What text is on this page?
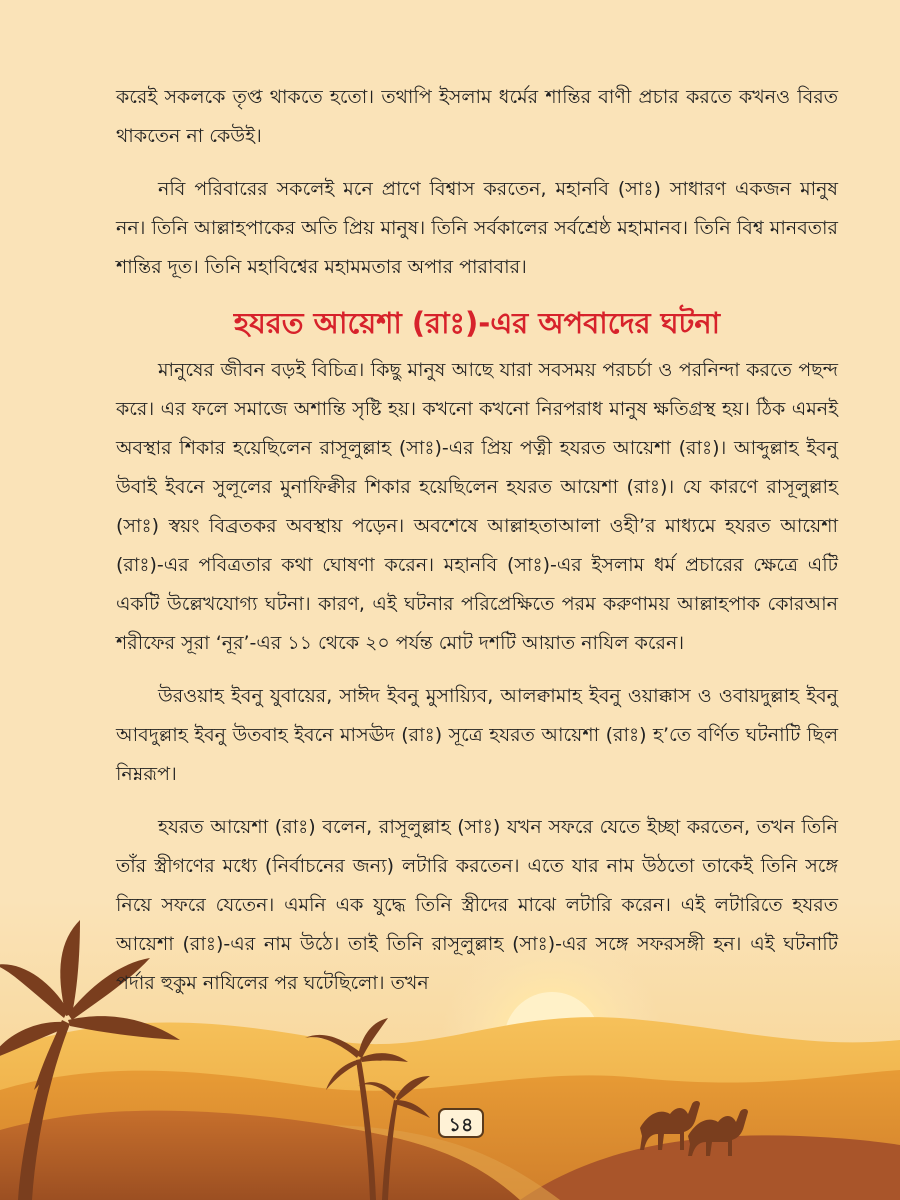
করেই সকলকে তৃপ্ত থাকতে হতো। তথাপি ইসলাম ধর্মের শান্তির বাণী প্রচার করতে কখনও বিরত থাকতেন না কেউই।

নবি পরিবারের সকলেই মনে প্রাণে বিশ্বাস করতেন, মহানবি (সাঃ) সাধারণ একজন মানুষ নন। তিনি আল্লাহপাকের অতি প্রিয় মানুষ। তিনি সর্বকালের সর্বশ্রেষ্ঠ মহামানব। তিনি বিশ্ব মানবতার শান্তির দূত। তিনি মহাবিশ্বের মহামমতার অপার পারাবার।

হযরত আয়েশা (রাঃ)-এর অপবাদের ঘটনা

মানুষের জীবন বড়ই বিচিত্র। কিছু মানুষ আছে যারা সবসময় পরচর্চা ও পরনিন্দা করতে পছন্দ করে। এর ফলে সমাজে অশান্তি সৃষ্টি হয়। কখনো কখনো নিরপরাধ মানুষ ক্ষতিগ্রস্থ হয়। ঠিক এমনই অবস্থার শিকার হয়েছিলেন রাসূলুল্লাহ (সাঃ)-এর প্রিয় পত্নী হযরত আয়েশা (রাঃ)। আব্দুল্লাহ ইবনু উবাই ইবনে সুলূলের মুনাফিক্বীর শিকার হয়েছিলেন হযরত আয়েশা (রাঃ)। যে কারণে রাসূলুল্লাহ (সাঃ) স্বয়ং বিব্রতকর অবস্থায় পড়েন। অবশেষে আল্লাহতাআলা ওহী’র মাধ্যমে হযরত আয়েশা (রাঃ)-এর পবিত্রতার কথা ঘোষণা করেন। মহানবি (সাঃ)-এর ইসলাম ধর্ম প্রচারের ক্ষেত্রে এটি একটি উল্লেখযোগ্য ঘটনা। কারণ, এই ঘটনার পরিপ্রেক্ষিতে পরম করুণাময় আল্লাহপাক কোরআন শরীফের সূরা ‘নূর’-এর ১১ থেকে ২০ পর্যন্ত মোট দশটি আয়াত নাযিল করেন।

উরওয়াহ ইবনু যুবায়ের, সাঈদ ইবনু মুসায়্যিব, আলক্বামাহ ইবনু ওয়াক্কাস ও ওবায়দুল্লাহ ইবনু আবদুল্লাহ ইবনু উতবাহ ইবনে মাসঊদ (রাঃ) সূত্রে হযরত আয়েশা (রাঃ) হ’তে বর্ণিত ঘটনাটি ছিল নিম্নরূপ।

হযরত আয়েশা (রাঃ) বলেন, রাসূলুল্লাহ (সাঃ) যখন সফরে যেতে ইচ্ছা করতেন, তখন তিনি তাঁর স্ত্রীগণের মধ্যে (নির্বাচনের জন্য) লটারি করতেন। এতে যার নাম উঠতো তাকেই তিনি সঙ্গে নিয়ে সফরে যেতেন। এমনি এক যুদ্ধে তিনি স্ত্রীদের মাঝে লটারি করেন। এই লটারিতে হযরত আয়েশা (রাঃ)-এর নাম উঠে। তাই তিনি রাসূলুল্লাহ (সাঃ)-এর সঙ্গে সফরসঙ্গী হন। এই ঘটনাটি পর্দার হুকুম নাযিলের পর ঘটেছিলো। তখন

১৪
